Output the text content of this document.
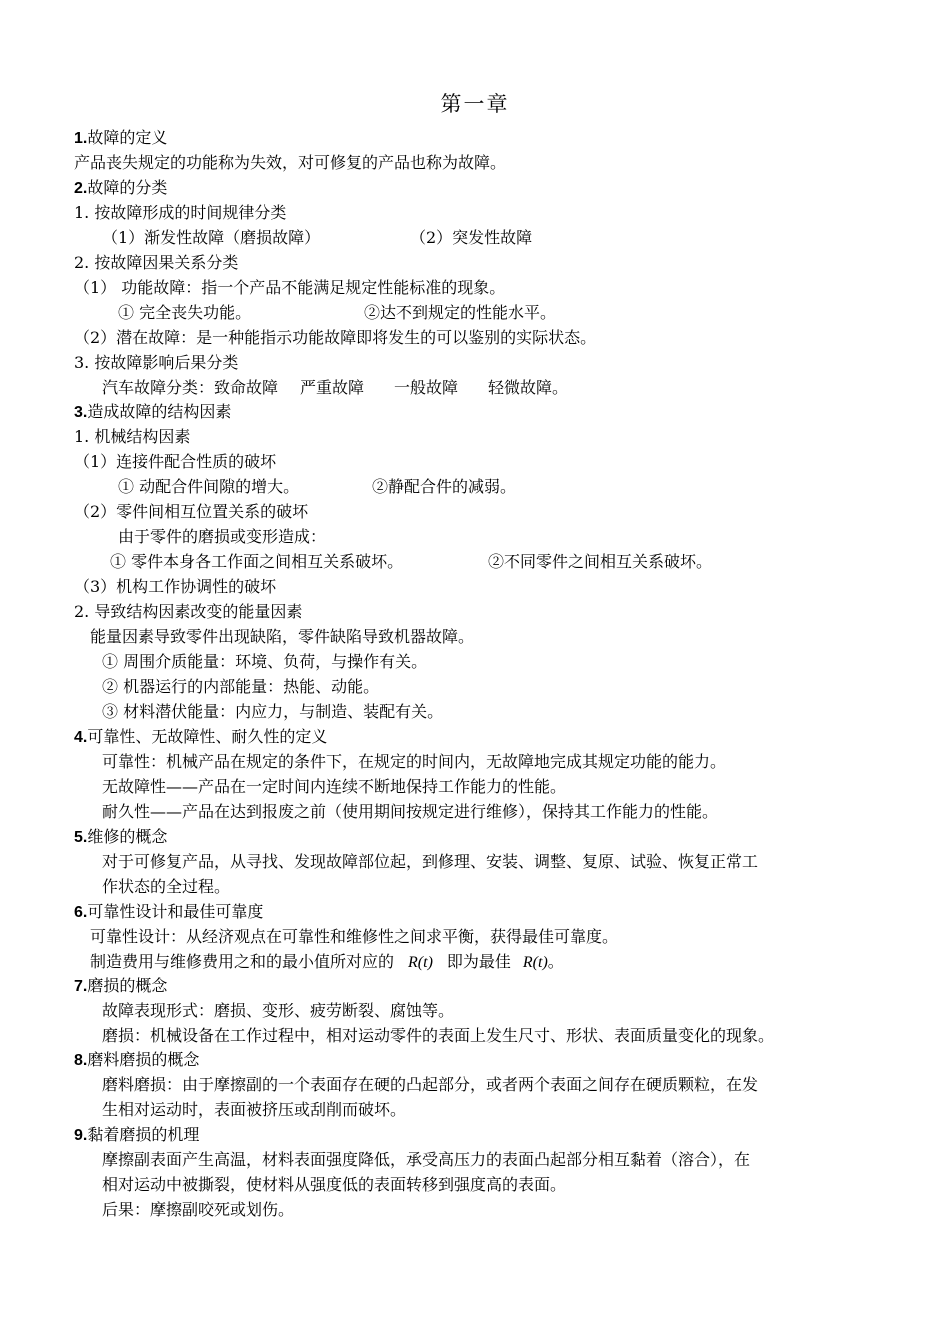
第一章
1.故障的定义
产品丧失规定的功能称为失效，对可修复的产品也称为故障。
2.故障的分类
1. 按故障形成的时间规律分类
（1）渐发性故障（磨损故障）	（2）突发性故障
2. 按故障因果关系分类
（1） 功能故障：指一个产品不能满足规定性能标准的现象。
① 完全丧失功能。	②达不到规定的性能水平。
（2）潜在故障：是一种能指示功能故障即将发生的可以鉴别的实际状态。
3. 按故障影响后果分类
汽车故障分类：致命故障 严重故障 一般故障 轻微故障。
3.造成故障的结构因素
1. 机械结构因素
（1）连接件配合性质的破坏
① 动配合件间隙的增大。	②静配合件的减弱。
（2）零件间相互位置关系的破坏
由于零件的磨损或变形造成：
① 零件本身各工作面之间相互关系破坏。	②不同零件之间相互关系破坏。
（3）机构工作协调性的破坏
2. 导致结构因素改变的能量因素
能量因素导致零件出现缺陷，零件缺陷导致机器故障。
① 周围介质能量：环境、负荷，与操作有关。
② 机器运行的内部能量：热能、动能。
③ 材料潜伏能量：内应力，与制造、装配有关。
4.可靠性、无故障性、耐久性的定义
可靠性：机械产品在规定的条件下，在规定的时间内，无故障地完成其规定功能的能力。
无故障性——产品在一定时间内连续不断地保持工作能力的性能。
耐久性——产品在达到报废之前（使用期间按规定进行维修），保持其工作能力的性能。
5.维修的概念
对于可修复产品，从寻找、发现故障部位起，到修理、安装、调整、复原、试验、恢复正常工
作状态的全过程。
6.可靠性设计和最佳可靠度
可靠性设计：从经济观点在可靠性和维修性之间求平衡，获得最佳可靠度。
制造费用与维修费用之和的最小值所对应的 R(t) 即为最佳 R(t)。
7.磨损的概念
故障表现形式：磨损、变形、疲劳断裂、腐蚀等。
磨损：机械设备在工作过程中，相对运动零件的表面上发生尺寸、形状、表面质量变化的现象。
8.磨料磨损的概念
磨料磨损：由于摩擦副的一个表面存在硬的凸起部分，或者两个表面之间存在硬质颗粒，在发
生相对运动时，表面被挤压或刮削而破坏。
9.黏着磨损的机理
摩擦副表面产生高温，材料表面强度降低，承受高压力的表面凸起部分相互黏着（溶合），在
相对运动中被撕裂，使材料从强度低的表面转移到强度高的表面。
后果：摩擦副咬死或划伤。
